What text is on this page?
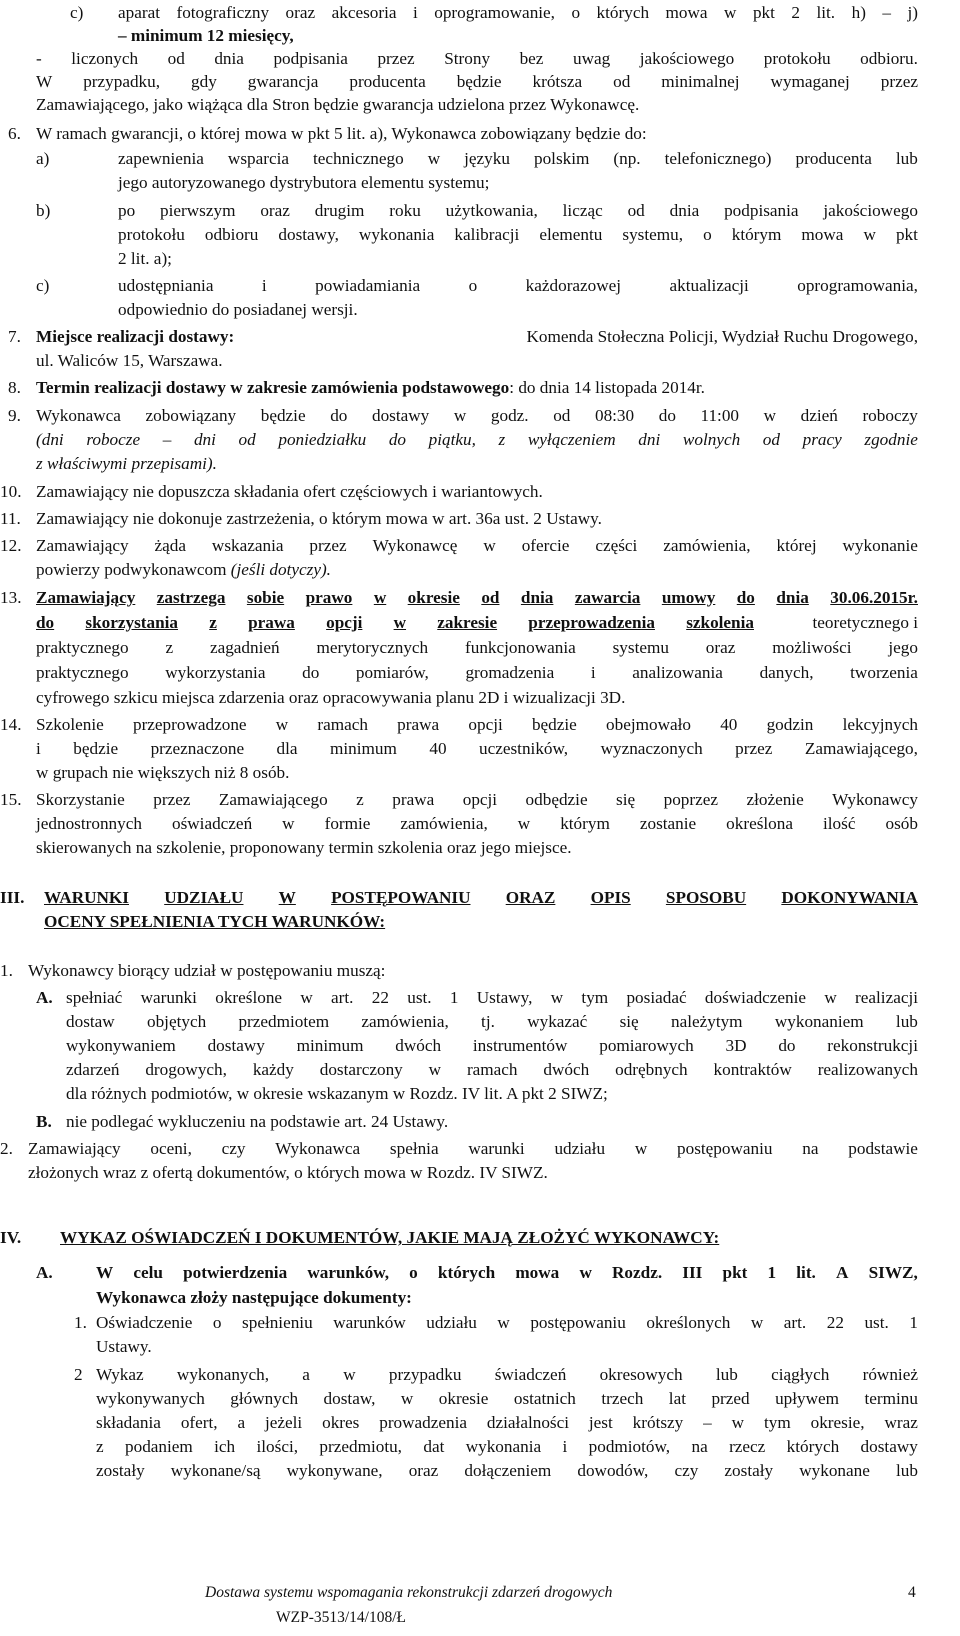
c) aparat fotograficzny oraz akcesoria i oprogramowanie, o których mowa w pkt 2 lit. h) – j)
– minimum 12 miesięcy,
- liczonych od dnia podpisania przez Strony bez uwag jakościowego protokołu odbioru.
W przypadku, gdy gwarancja producenta będzie krótsza od minimalnej wymaganej przez
Zamawiającego, jako wiążąca dla Stron będzie gwarancja udzielona przez Wykonawcę.
6. W ramach gwarancji, o której mowa w pkt 5 lit. a), Wykonawca zobowiązany będzie do:
a)	zapewnienia wsparcia technicznego w języku polskim (np. telefonicznego) producenta lub
jego autoryzowanego dystrybutora elementu systemu;
b)	po pierwszym oraz drugim roku użytkowania, licząc od dnia podpisania jakościowego
protokołu odbioru dostawy, wykonania kalibracji elementu systemu, o którym mowa w pkt
2 lit. a);
c)	udostępniania	i	powiadamiania	o	każdorazowej	aktualizacji	oprogramowania,
odpowiednio do posiadanej wersji.
7. Miejsce realizacji dostawy:	Komenda Stołeczna Policji, Wydział Ruchu Drogowego,
ul. Waliców 15, Warszawa.
8. Termin realizacji dostawy w zakresie zamówienia podstawowego: do dnia 14 listopada 2014r.
9. Wykonawca zobowiązany będzie do dostawy w godz. od 08:30 do 11:00 w dzień roboczy
(dni robocze – dni od poniedziałku do piątku, z wyłączeniem dni wolnych od pracy zgodnie
z właściwymi przepisami).
10. Zamawiający nie dopuszcza składania ofert częściowych i wariantowych.
11. Zamawiający nie dokonuje zastrzeżenia, o którym mowa w art. 36a ust. 2 Ustawy.
12. Zamawiający żąda wskazania przez Wykonawcę w ofercie części zamówienia, której wykonanie
powierzy podwykonawcom (jeśli dotyczy).
13. Zamawiający zastrzega sobie prawo w okresie od dnia zawarcia umowy do dnia 30.06.2015r.
do skorzystania z prawa opcji w zakresie przeprowadzenia szkolenia	teoretycznego i
praktycznego z zagadnień merytorycznych funkcjonowania systemu oraz możliwości jego
praktycznego wykorzystania do pomiarów, gromadzenia i analizowania danych, tworzenia
cyfrowego szkicu miejsca zdarzenia oraz opracowywania planu 2D i wizualizacji 3D.
14. Szkolenie przeprowadzone w ramach prawa opcji będzie obejmowało 40 godzin lekcyjnych
i będzie przeznaczone dla minimum 40 uczestników, wyznaczonych przez Zamawiającego,
w grupach nie większych niż 8 osób.
15. Skorzystanie przez Zamawiającego z prawa opcji odbędzie się poprzez złożenie Wykonawcy
jednostronnych oświadczeń w formie zamówienia, w którym zostanie określona ilość osób
skierowanych na szkolenie, proponowany termin szkolenia oraz jego miejsce.
III. WARUNKI UDZIAŁU W POSTĘPOWANIU ORAZ OPIS SPOSOBU DOKONYWANIA
OCENY SPEŁNIENIA TYCH WARUNKÓW:
1. Wykonawcy biorący udział w postępowaniu muszą:
A. spełniać warunki określone w art. 22 ust. 1 Ustawy, w tym posiadać doświadczenie w realizacji
dostaw objętych przedmiotem zamówienia, tj. wykazać się należytym wykonaniem lub
wykonywaniem dostawy minimum dwóch instrumentów pomiarowych 3D do rekonstrukcji
zdarzeń drogowych, każdy dostarczony w ramach dwóch odrębnych kontraktów realizowanych
dla różnych podmiotów, w okresie wskazanym w Rozdz. IV lit. A pkt 2 SIWZ;
B. nie podlegać wykluczeniu na podstawie art. 24 Ustawy.
2. Zamawiający oceni, czy Wykonawca spełnia warunki udziału w postępowaniu na podstawie
złożonych wraz z ofertą dokumentów, o których mowa w Rozdz. IV SIWZ.
IV. WYKAZ OŚWIADCZEŃ I DOKUMENTÓW, JAKIE MAJĄ ZŁOŻYĆ WYKONAWCY:
A.	W celu potwierdzenia warunków, o których mowa w Rozdz. III pkt 1 lit. A SIWZ,
Wykonawca złoży następujące dokumenty:
1. Oświadczenie o spełnieniu warunków udziału w postępowaniu określonych w art. 22 ust. 1
Ustawy.
2 Wykaz wykonanych, a w przypadku świadczeń okresowych lub ciągłych również
wykonywanych głównych dostaw, w okresie ostatnich trzech lat przed upływem terminu
składania ofert, a jeżeli okres prowadzenia działalności jest krótszy – w tym okresie, wraz
z podaniem ich ilości, przedmiotu, dat wykonania i podmiotów, na rzecz których dostawy
zostały wykonane/są wykonywane, oraz dołączeniem dowodów, czy zostały wykonane lub
Dostawa systemu wspomagania rekonstrukcji zdarzeń drogowych
WZP-3513/14/108/Ł
4
